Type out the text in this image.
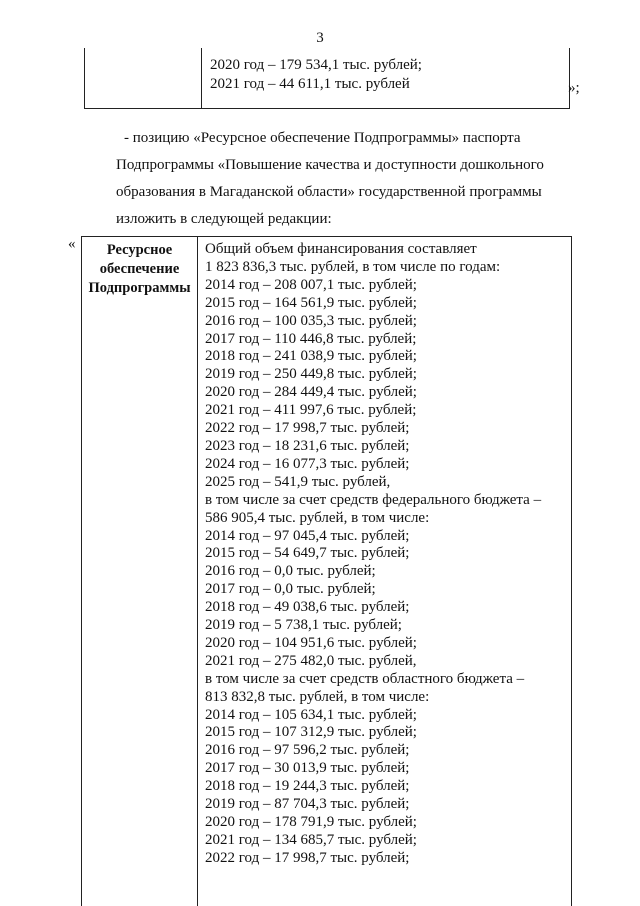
3
2020 год – 179 534,1 тыс. рублей;
2021 год – 44 611,1 тыс. рублей	»;
- позицию «Ресурсное обеспечение Подпрограммы» паспорта
Подпрограммы «Повышение качества и доступности дошкольного
образования в Магаданской области» государственной программы
изложить в следующей редакции:
«	Ресурсное
обеспечение
Подпрограммы
Общий объем финансирования составляет
1 823 836,3 тыс. рублей, в том числе по годам:
2014 год – 208 007,1 тыс. рублей;
2015 год – 164 561,9 тыс. рублей;
2016 год – 100 035,3 тыс. рублей;
2017 год – 110 446,8 тыс. рублей;
2018 год – 241 038,9 тыс. рублей;
2019 год – 250 449,8 тыс. рублей;
2020 год – 284 449,4 тыс. рублей;
2021 год – 411 997,6 тыс. рублей;
2022 год – 17 998,7 тыс. рублей;
2023 год – 18 231,6 тыс. рублей;
2024 год – 16 077,3 тыс. рублей;
2025 год – 541,9 тыс. рублей,
в том числе за счет средств федерального бюджета –
586 905,4 тыс. рублей, в том числе:
2014 год – 97 045,4 тыс. рублей;
2015 год – 54 649,7 тыс. рублей;
2016 год – 0,0 тыс. рублей;
2017 год – 0,0 тыс. рублей;
2018 год – 49 038,6 тыс. рублей;
2019 год – 5 738,1 тыс. рублей;
2020 год – 104 951,6 тыс. рублей;
2021 год – 275 482,0 тыс. рублей,
в том числе за счет средств областного бюджета –
813 832,8 тыс. рублей, в том числе:
2014 год – 105 634,1 тыс. рублей;
2015 год – 107 312,9 тыс. рублей;
2016 год – 97 596,2 тыс. рублей;
2017 год – 30 013,9 тыс. рублей;
2018 год – 19 244,3 тыс. рублей;
2019 год – 87 704,3 тыс. рублей;
2020 год – 178 791,9 тыс. рублей;
2021 год – 134 685,7 тыс. рублей;
2022 год – 17 998,7 тыс. рублей;
